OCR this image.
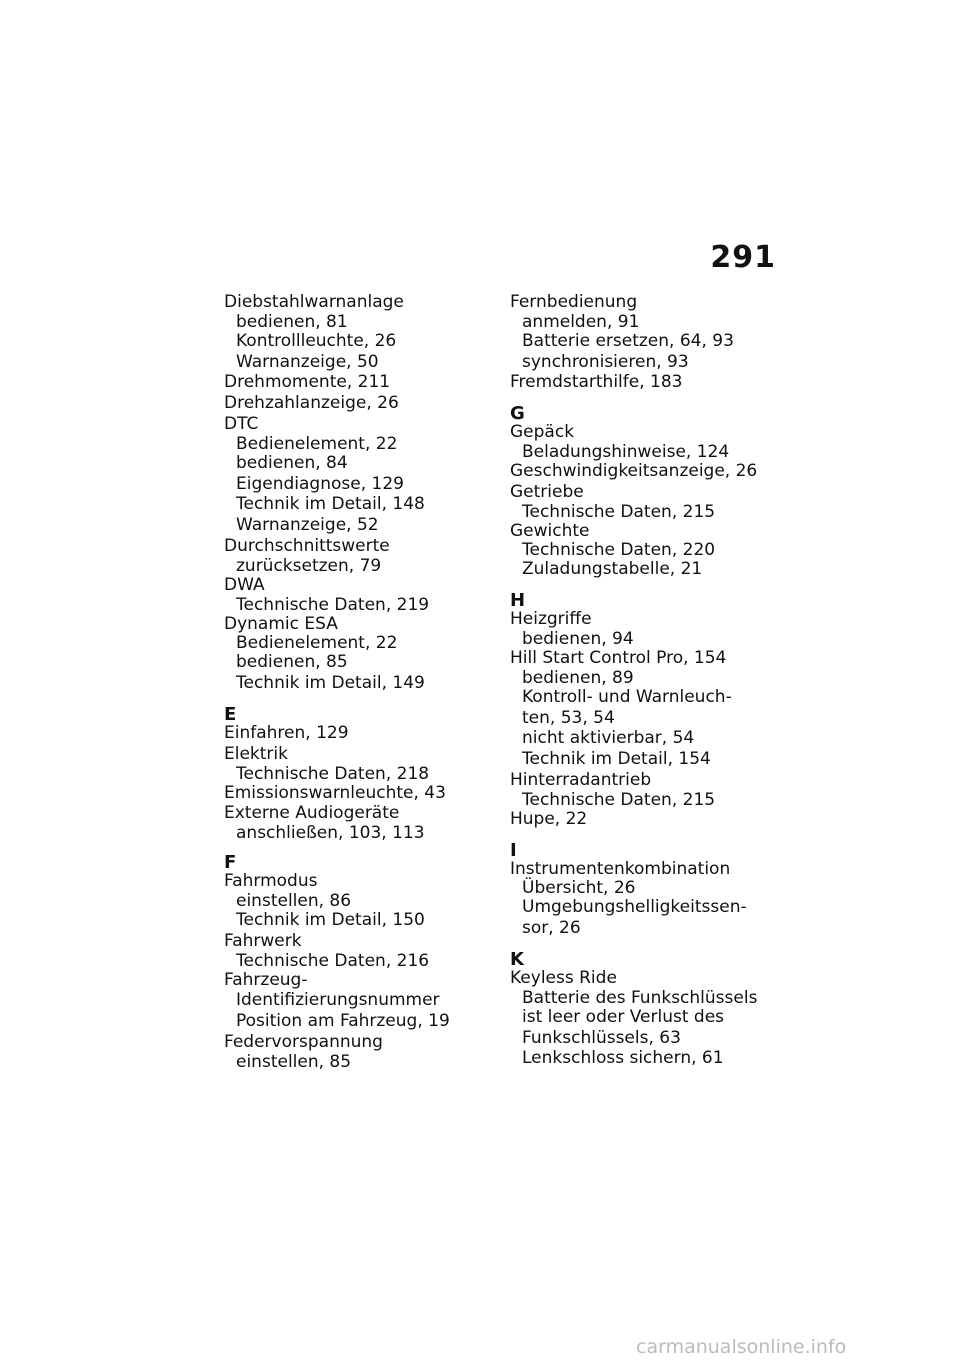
291
Diebstahlwarnanlage
bedienen, 81
Kontrollleuchte, 26
Warnanzeige, 50
Drehmomente, 211
Drehzahlanzeige, 26
DTC
Bedienelement, 22
bedienen, 84
Eigendiagnose, 129
Technik im Detail, 148
Warnanzeige, 52
Durchschnittswerte
zurücksetzen, 79
DWA
Technische Daten, 219
Dynamic ESA
Bedienelement, 22
bedienen, 85
Technik im Detail, 149
E
Einfahren, 129
Elektrik
Technische Daten, 218
Emissionswarnleuchte, 43
Externe Audiogeräte
anschließen, 103, 113
F
Fahrmodus
einstellen, 86
Technik im Detail, 150
Fahrwerk
Technische Daten, 216
Fahrzeug-
Identifizierungsnummer
Position am Fahrzeug, 19
Federvorspannung
einstellen, 85
Fernbedienung
anmelden, 91
Batterie ersetzen, 64, 93
synchronisieren, 93
Fremdstarthilfe, 183
G
Gepäck
Beladungshinweise, 124
Geschwindigkeitsanzeige, 26
Getriebe
Technische Daten, 215
Gewichte
Technische Daten, 220
Zuladungstabelle, 21
H
Heizgriffe
bedienen, 94
Hill Start Control Pro, 154
bedienen, 89
Kontroll- und Warnleuch-
ten, 53, 54
nicht aktivierbar, 54
Technik im Detail, 154
Hinterradantrieb
Technische Daten, 215
Hupe, 22
I
Instrumentenkombination
Übersicht, 26
Umgebungshelligkeitssen-
sor, 26
K
Keyless Ride
Batterie des Funkschlüssels
ist leer oder Verlust des
Funkschlüssels, 63
Lenkschloss sichern, 61
carmanualsonline.info
